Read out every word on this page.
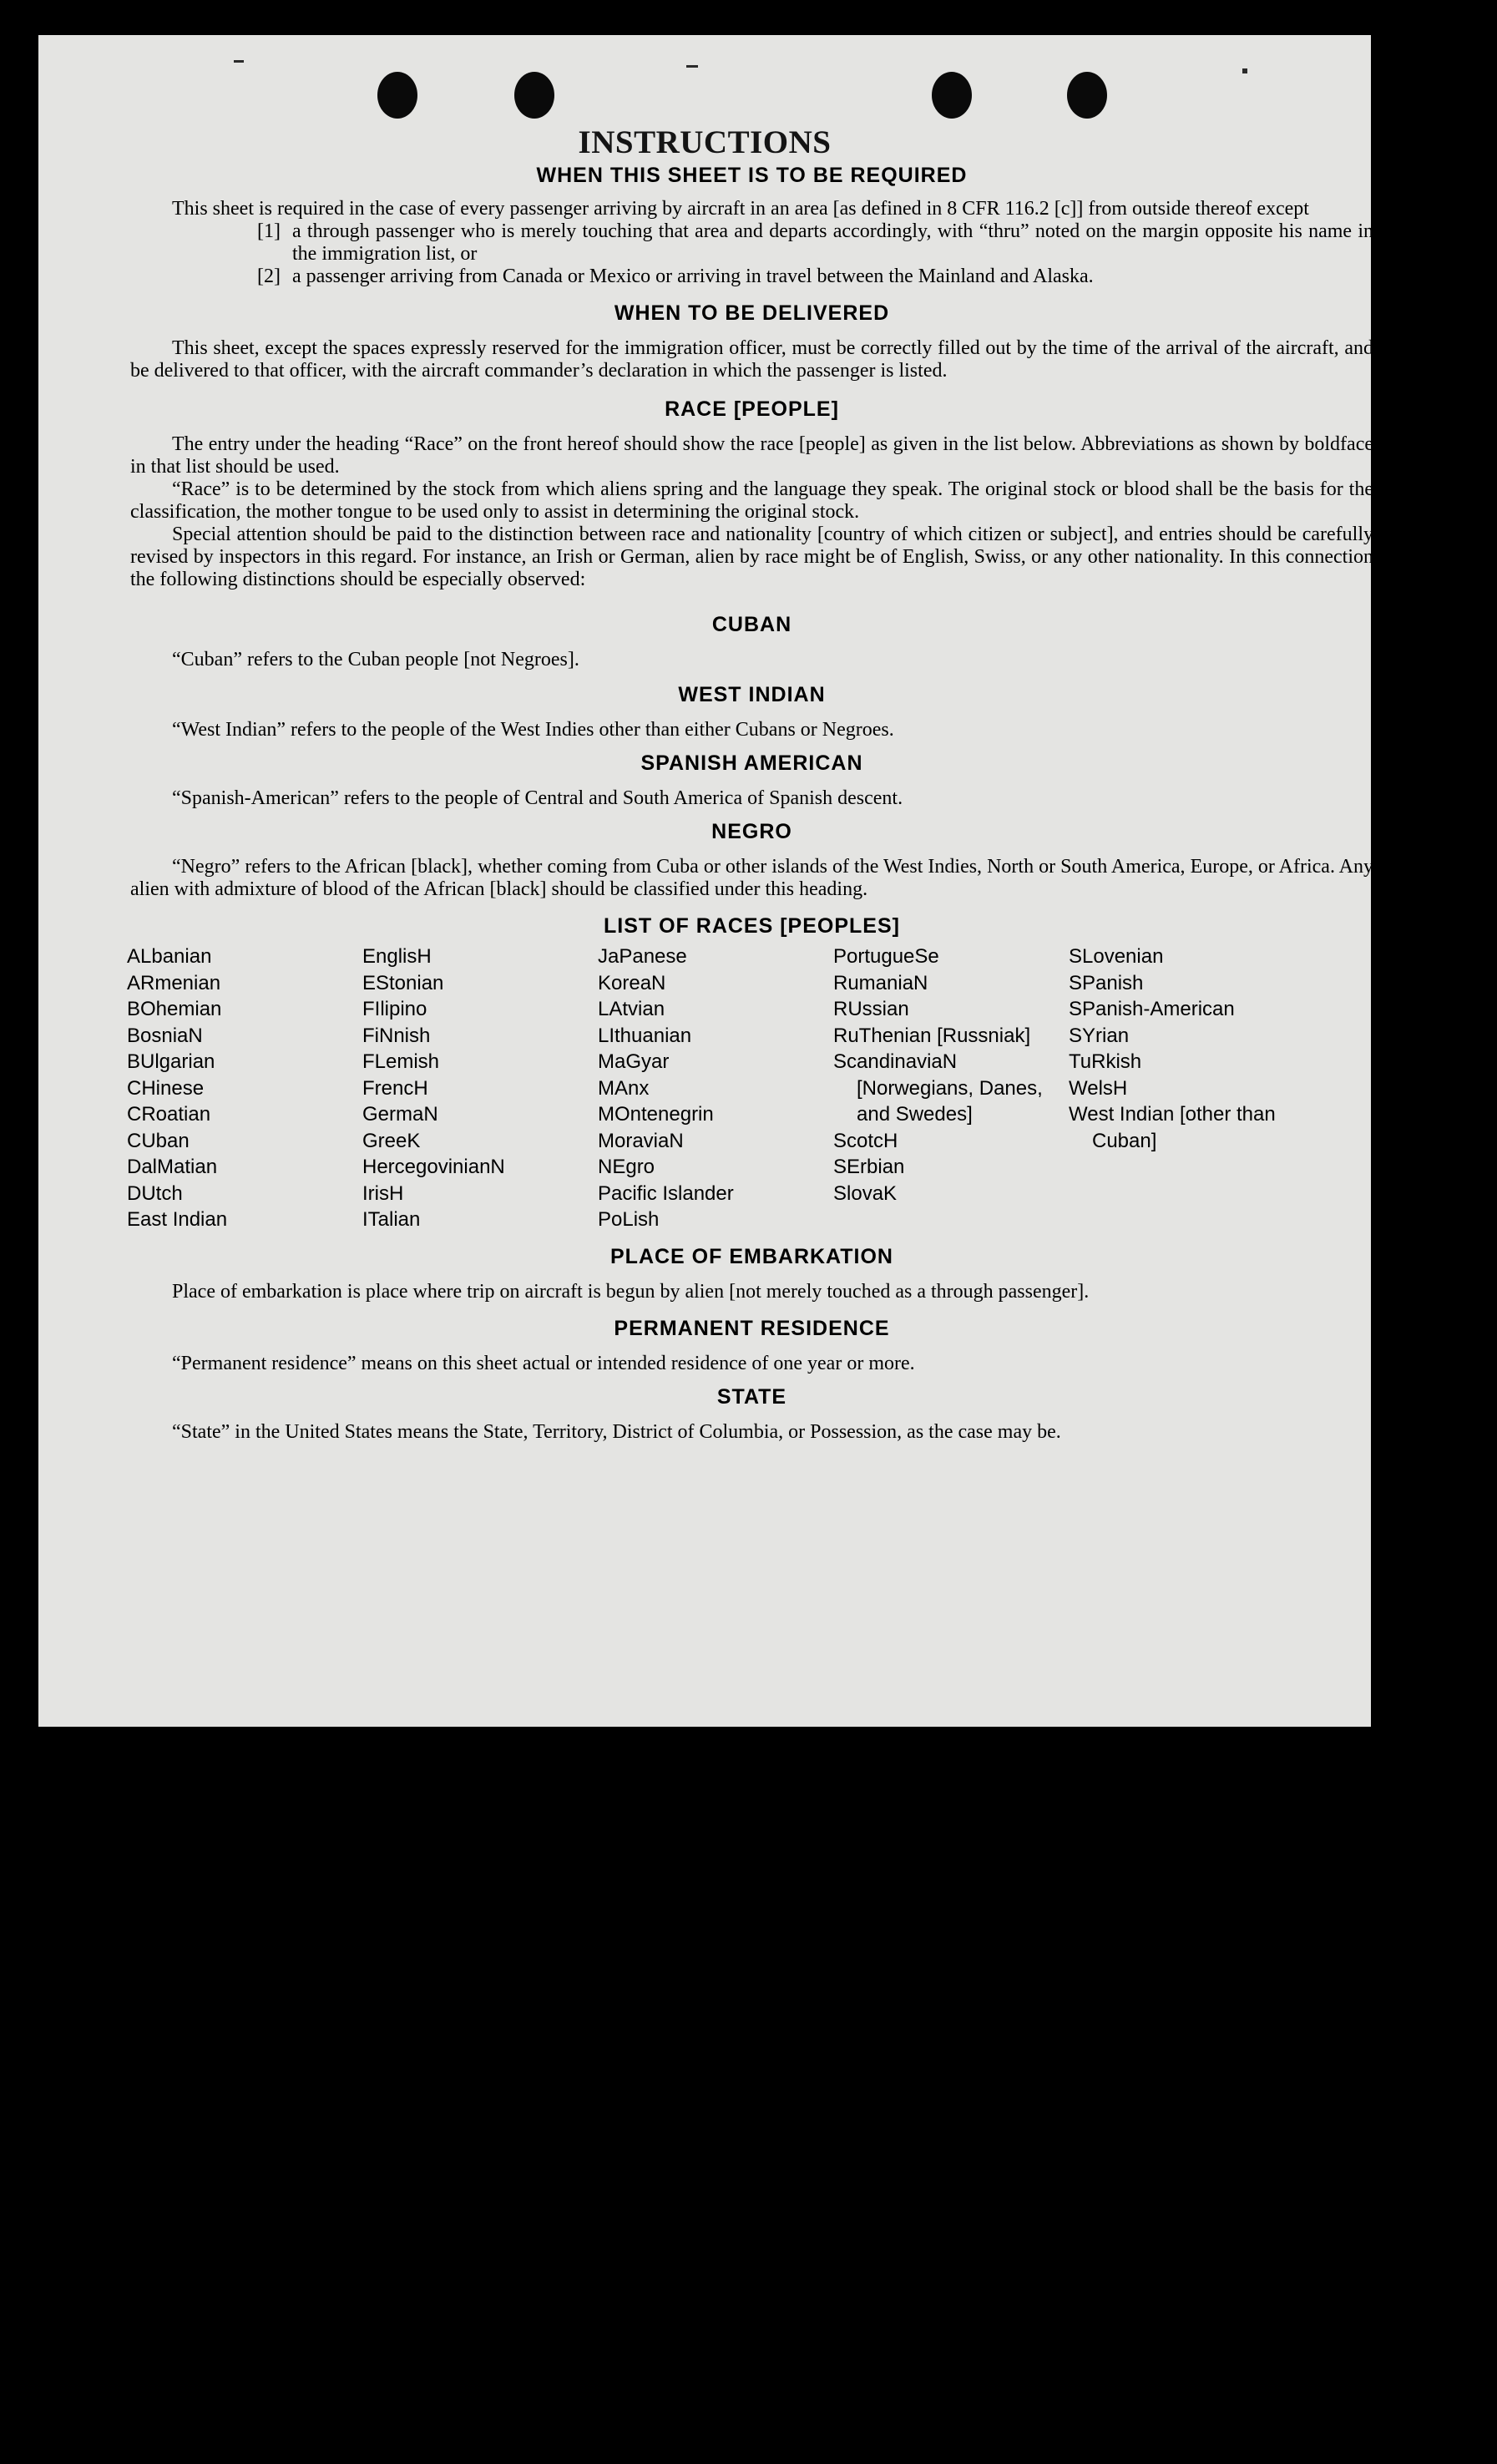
INSTRUCTIONS

WHEN THIS SHEET IS TO BE REQUIRED

This sheet is required in the case of every passenger arriving by aircraft in an area [as defined in 8 CFR 116.2 [c]] from outside thereof except

[1] a through passenger who is merely touching that area and departs accordingly, with “thru” noted on the margin opposite his name in the immigration list, or
[2] a passenger arriving from Canada or Mexico or arriving in travel between the Mainland and Alaska.

WHEN TO BE DELIVERED

This sheet, except the spaces expressly reserved for the immigration officer, must be correctly filled out by the time of the arrival of the aircraft, and be delivered to that officer, with the aircraft commander’s declaration in which the passenger is listed.

RACE [PEOPLE]

The entry under the heading “Race” on the front hereof should show the race [people] as given in the list below. Abbreviations as shown by boldface in that list should be used.

“Race” is to be determined by the stock from which aliens spring and the language they speak. The original stock or blood shall be the basis for the classification, the mother tongue to be used only to assist in determining the original stock.

Special attention should be paid to the distinction between race and nationality [country of which citizen or subject], and entries should be carefully revised by inspectors in this regard. For instance, an Irish or German, alien by race might be of English, Swiss, or any other nationality. In this connection the following distinctions should be especially observed:

CUBAN

“Cuban” refers to the Cuban people [not Negroes].

WEST INDIAN

“West Indian” refers to the people of the West Indies other than either Cubans or Negroes.

SPANISH AMERICAN

“Spanish-American” refers to the people of Central and South America of Spanish descent.

NEGRO

“Negro” refers to the African [black], whether coming from Cuba or other islands of the West Indies, North or South America, Europe, or Africa. Any alien with admixture of blood of the African [black] should be classified under this heading.

LIST OF RACES [PEOPLES]

ALbanian
ARmenian
BOhemian
BosniaN
BUlgarian
CHinese
CRoatian
CUban
DalMatian
DUtch
East Indian
EnglisH
EStonian
FIlipino
FiNnish
FLemish
FrencH
GermaN
GreeK
HercegovinianN
IrisH
ITalian
JaPanese
KoreaN
LAtvian
LIthuanian
MaGyar
MAnx
MOntenegrin
MoraviaN
NEgro
Pacific Islander
PoLish
PortugueSe
RumaniaN
RUssian
RuThenian [Russniak]
ScandinaviaN [Norwegians, Danes, and Swedes]
ScotcH
SErbian
SlovaK
SLovenian
SPanish
SPanish-American
SYrian
TuRkish
WelsH
West Indian [other than Cuban]

PLACE OF EMBARKATION

Place of embarkation is place where trip on aircraft is begun by alien [not merely touched as a through passenger].

PERMANENT RESIDENCE

“Permanent residence” means on this sheet actual or intended residence of one year or more.

STATE

“State” in the United States means the State, Territory, District of Columbia, or Possession, as the case may be.
